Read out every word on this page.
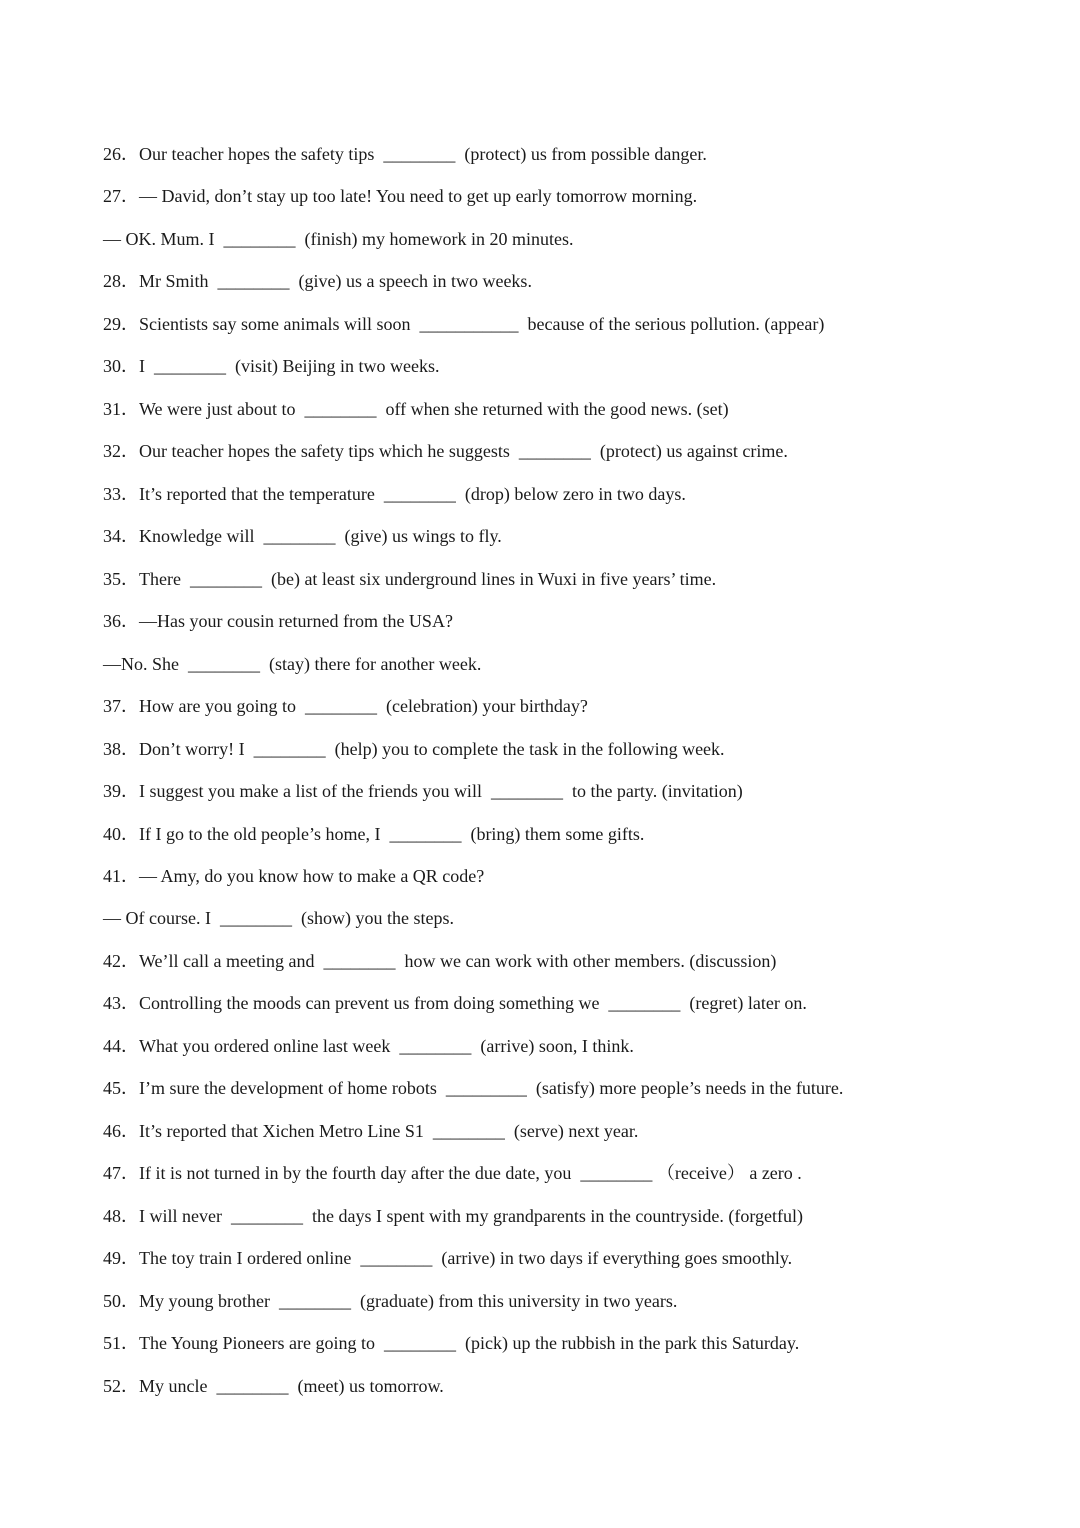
26．Our teacher hopes the safety tips  ________  (protect) us from possible danger.
27．— David, don’t stay up too late! You need to get up early tomorrow morning.
— OK. Mum. I  ________  (finish) my homework in 20 minutes.
28．Mr Smith  ________  (give) us a speech in two weeks.
29．Scientists say some animals will soon  ___________  because of the serious pollution. (appear)
30．I  ________  (visit) Beijing in two weeks.
31．We were just about to  ________  off when she returned with the good news. (set)
32．Our teacher hopes the safety tips which he suggests  ________  (protect) us against crime.
33．It’s reported that the temperature  ________  (drop) below zero in two days.
34．Knowledge will  ________  (give) us wings to fly.
35．There  ________  (be) at least six underground lines in Wuxi in five years’ time.
36．—Has your cousin returned from the USA?
—No. She  ________  (stay) there for another week.
37．How are you going to  ________  (celebration) your birthday?
38．Don’t worry! I  ________  (help) you to complete the task in the following week.
39．I suggest you make a list of the friends you will  ________  to the party. (invitation)
40．If I go to the old people’s home, I  ________  (bring) them some gifts.
41．— Amy, do you know how to make a QR code?
— Of course. I  ________  (show) you the steps.
42．We’ll call a meeting and  ________  how we can work with other members. (discussion)
43．Controlling the moods can prevent us from doing something we  ________  (regret) later on.
44．What you ordered online last week  ________  (arrive) soon, I think.
45．I’m sure the development of home robots  _________  (satisfy) more people’s needs in the future.
46．It’s reported that Xichen Metro Line S1  ________  (serve) next year.
47．If it is not turned in by the fourth day after the due date, you  ________ （receive） a zero .
48．I will never  ________  the days I spent with my grandparents in the countryside. (forgetful)
49．The toy train I ordered online  ________  (arrive) in two days if everything goes smoothly.
50．My young brother  ________  (graduate) from this university in two years.
51．The Young Pioneers are going to  ________  (pick) up the rubbish in the park this Saturday.
52．My uncle  ________  (meet) us tomorrow.
